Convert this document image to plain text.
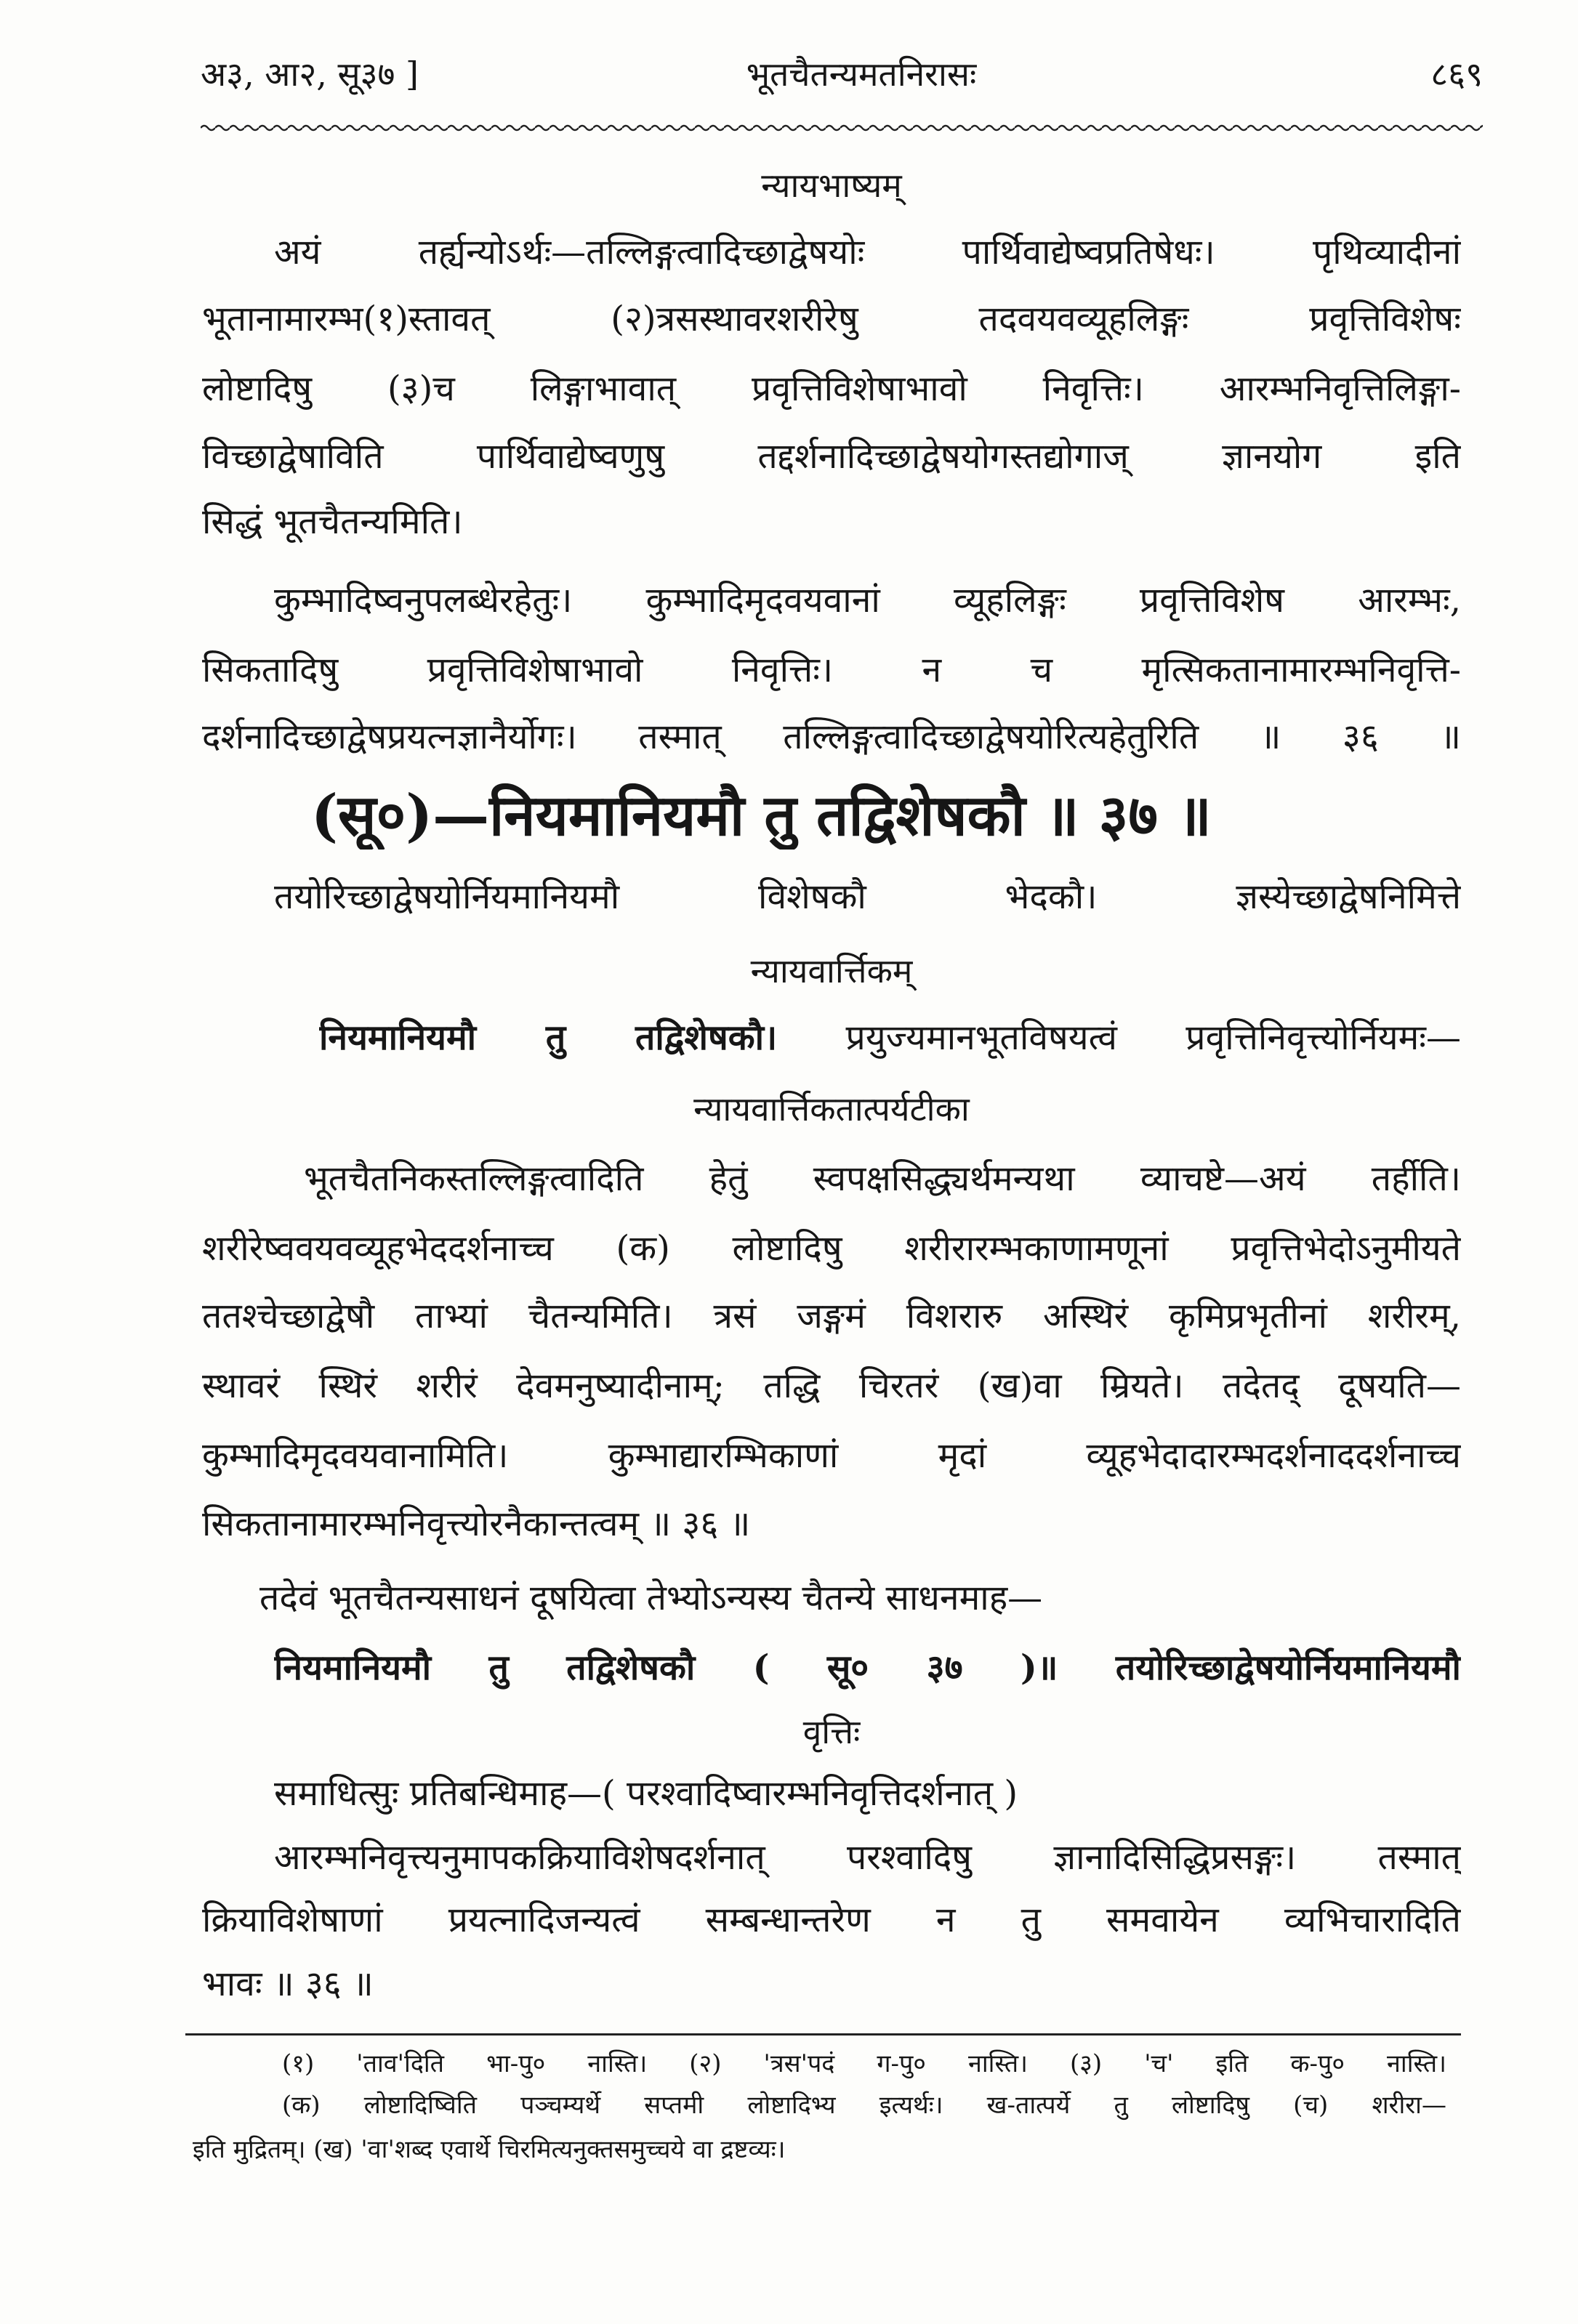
अ३, आ२, सू३७ ]	भूतचैतन्यमतनिरासः	८६९
न्यायभाष्यम्
अयं तर्ह्यन्योऽर्थः—तल्लिङ्गत्वादिच्छाद्वेषयोः पार्थिवाद्येष्वप्रतिषेधः। पृथिव्यादीनां
भूतानामारम्भ(१)स्तावत् (२)त्रसस्थावरशरीरेषु तदवयवव्यूहलिङ्गः प्रवृत्तिविशेषः
लोष्टादिषु (३)च लिङ्गाभावात् प्रवृत्तिविशेषाभावो निवृत्तिः। आरम्भनिवृत्तिलिङ्गा-
विच्छाद्वेषाविति पार्थिवाद्येष्वणुषु तद्दर्शनादिच्छाद्वेषयोगस्तद्योगाज् ज्ञानयोग इति
सिद्धं भूतचैतन्यमिति।
कुम्भादिष्वनुपलब्धेरहेतुः। कुम्भादिमृदवयवानां व्यूहलिङ्गः प्रवृत्तिविशेष आरम्भः,
सिकतादिषु प्रवृत्तिविशेषाभावो निवृत्तिः। न च मृत्सिकतानामारम्भनिवृत्ति-
दर्शनादिच्छाद्वेषप्रयत्नज्ञानैर्योगः। तस्मात् तल्लिङ्गत्वादिच्छाद्वेषयोरित्यहेतुरिति ॥ ३६ ॥
(सू०)—नियमानियमौ तु तद्विशेषकौ ॥ ३७ ॥
तयोरिच्छाद्वेषयोर्नियमानियमौ विशेषकौ भेदकौ। ज्ञस्येच्छाद्वेषनिमित्ते
न्यायवार्त्तिकम्
नियमानियमौ तु तद्विशेषकौ। प्रयुज्यमानभूतविषयत्वं प्रवृत्तिनिवृत्त्योर्नियमः—
न्यायवार्त्तिकतात्पर्यटीका
भूतचैतनिकस्तल्लिङ्गत्वादिति हेतुं स्वपक्षसिद्ध्यर्थमन्यथा व्याचष्टे—अयं तर्हीति।
शरीरेष्ववयवव्यूहभेददर्शनाच्च (क) लोष्टादिषु शरीरारम्भकाणामणूनां प्रवृत्तिभेदोऽनुमीयते
ततश्चेच्छाद्वेषौ ताभ्यां चैतन्यमिति। त्रसं जङ्गमं विशरारु अस्थिरं कृमिप्रभृतीनां शरीरम्,
स्थावरं स्थिरं शरीरं देवमनुष्यादीनाम्; तद्धि चिरतरं (ख)वा म्रियते। तदेतद् दूषयति—
कुम्भादिमृदवयवानामिति। कुम्भाद्यारम्भिकाणां मृदां व्यूहभेदादारम्भदर्शनाददर्शनाच्च
सिकतानामारम्भनिवृत्त्योरनैकान्तत्वम् ॥ ३६ ॥
तदेवं भूतचैतन्यसाधनं दूषयित्वा तेभ्योऽन्यस्य चैतन्ये साधनमाह—
नियमानियमौ तु तद्विशेषकौ ( सू० ३७ )॥ तयोरिच्छाद्वेषयोर्नियमानियमौ
वृत्तिः
समाधित्सुः प्रतिबन्धिमाह—( परश्वादिष्वारम्भनिवृत्तिदर्शनात् )
आरम्भनिवृत्त्यनुमापकक्रियाविशेषदर्शनात् परश्वादिषु ज्ञानादिसिद्धिप्रसङ्गः। तस्मात्
क्रियाविशेषाणां प्रयत्नादिजन्यत्वं सम्बन्धान्तरेण न तु समवायेन व्यभिचारादिति
भावः ॥ ३६ ॥
(१) 'ताव'दिति भा-पु० नास्ति। (२) 'त्रस'पदं ग-पु० नास्ति। (३) 'च' इति क-पु० नास्ति।
(क) लोष्टादिष्विति पञ्चम्यर्थे सप्तमी लोष्टादिभ्य इत्यर्थः। ख-तात्पर्ये तु लोष्टादिषु (च) शरीरा—
इति मुद्रितम्। (ख) 'वा'शब्द एवार्थे चिरमित्यनुक्तसमुच्चये वा द्रष्टव्यः।
